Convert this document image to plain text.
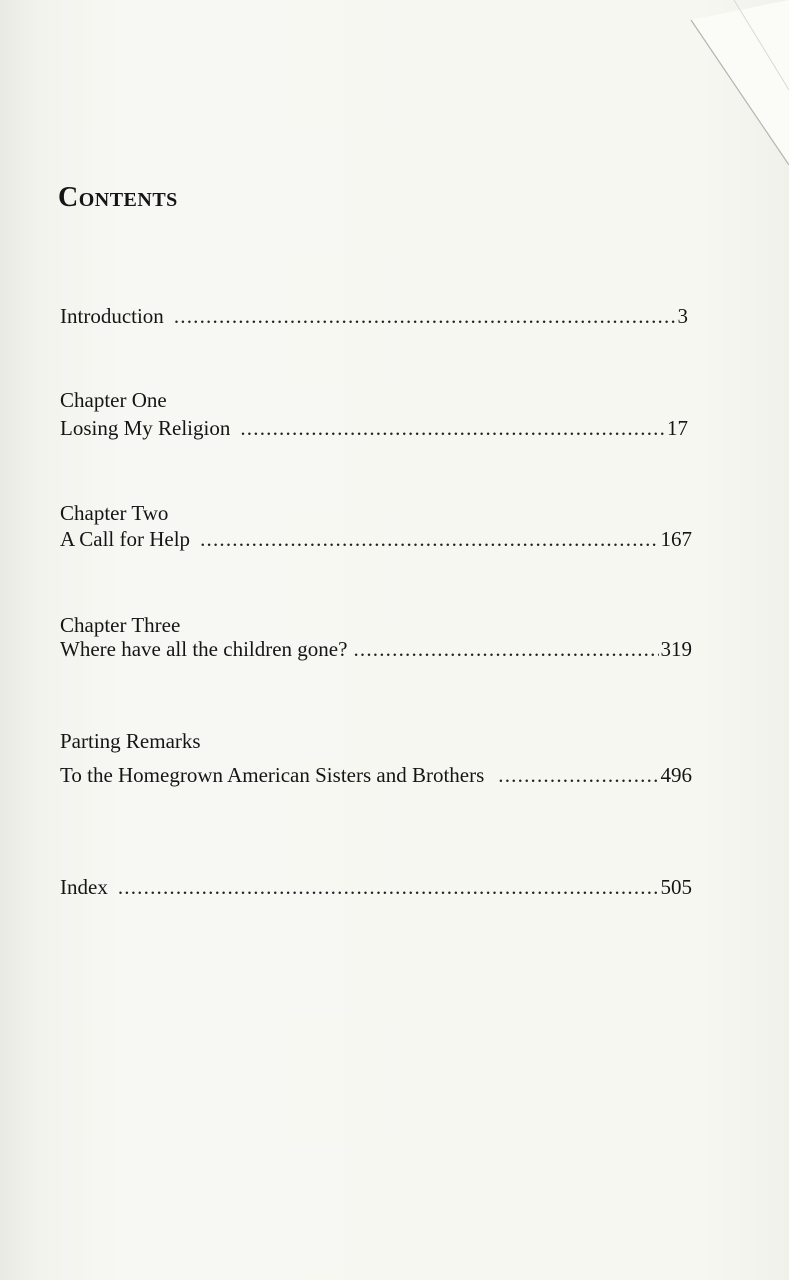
Contents
Introduction .....	3
Chapter One
Losing My Religion .....	17
Chapter Two
A Call for Help .....	167
Chapter Three
Where have all the children gone? .....	319
Parting Remarks
To the Homegrown American Sisters and Brothers .....	496
Index .....	505
